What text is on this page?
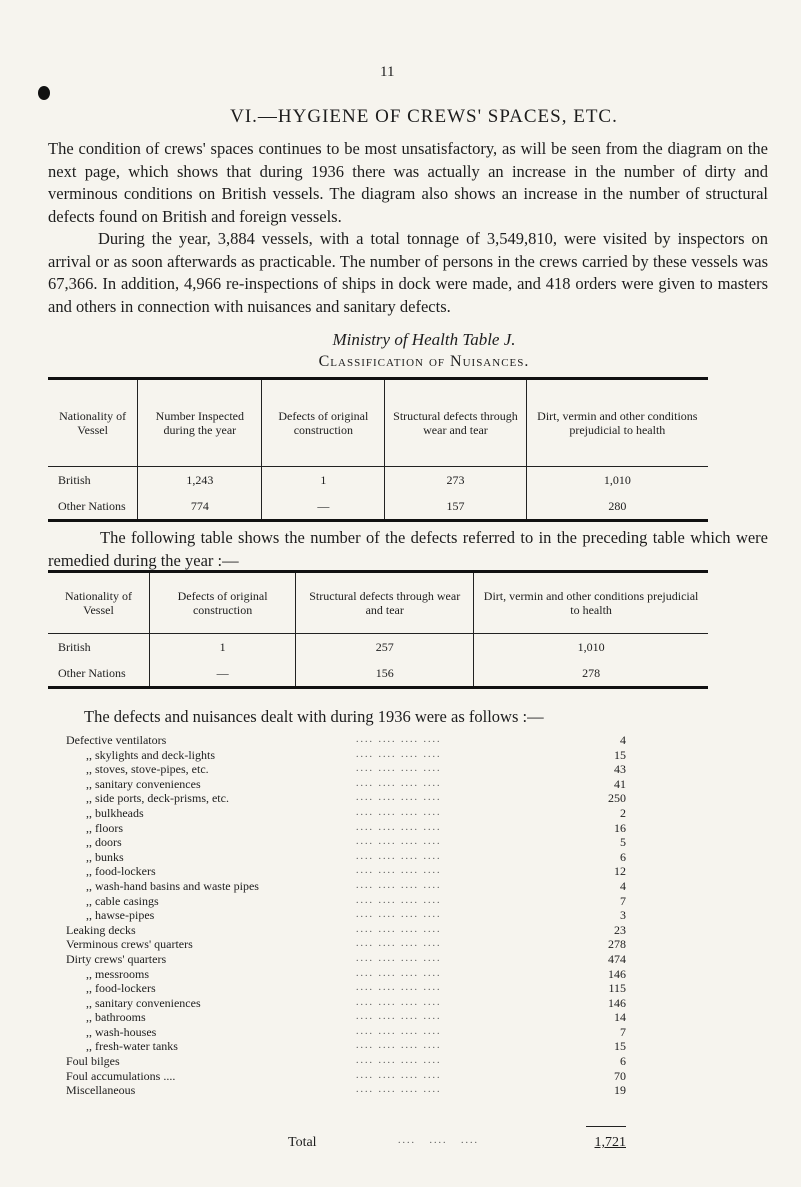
11
VI.—HYGIENE OF CREWS' SPACES, ETC.

The condition of crews' spaces continues to be most unsatisfactory, as will be seen from the diagram on the next page, which shows that during 1936 there was actually an increase in the number of dirty and verminous conditions on British vessels. The diagram also shows an increase in the number of structural defects found on British and foreign vessels.

During the year, 3,884 vessels, with a total tonnage of 3,549,810, were visited by inspectors on arrival or as soon afterwards as practicable. The number of persons in the crews carried by these vessels was 67,366. In addition, 4,966 re-inspections of ships in dock were made, and 418 orders were given to masters and others in connection with nuisances and sanitary defects.

Ministry of Health Table J.
Classification of Nuisances.
Nationality of Vessel	Number Inspected during the year	Defects of original construction	Structural defects through wear and tear	Dirt, vermin and other conditions prejudicial to health
British	1,243	1	273	1,010
Other Nations	774	—	157	280

The following table shows the number of the defects referred to in the preceding table which were remedied during the year :—

Nationality of Vessel	Defects of original construction	Structural defects through wear and tear	Dirt, vermin and other conditions prejudicial to health
British	1	257	1,010
Other Nations	—	156	278
The defects and nuisances dealt with during 1936 were as follows :—
Defective ventilators	.... .... .... ....	4
,, skylights and deck-lights	.... .... .... ....	15
,, stoves, stove-pipes, etc.	.... .... .... ....	43
,, sanitary conveniences	.... .... .... ....	41
,, side ports, deck-prisms, etc.	.... .... .... ....	250
,, bulkheads	.... .... .... ....	2
,, floors	.... .... .... ....	16
,, doors	.... .... .... ....	5
,, bunks	.... .... .... ....	6
,, food-lockers	.... .... .... ....	12
,, wash-hand basins and waste pipes	.... .... .... ....	4
,, cable casings	.... .... .... ....	7
,, hawse-pipes	.... .... .... ....	3
Leaking decks	.... .... .... ....	23
Verminous crews' quarters	.... .... .... ....	278
Dirty crews' quarters	.... .... .... ....	474
,, messrooms	.... .... .... ....	146
,, food-lockers	.... .... .... ....	115
,, sanitary conveniences	.... .... .... ....	146
,, bathrooms	.... .... .... ....	14
,, wash-houses	.... .... .... ....	7
,, fresh-water tanks	.... .... .... ....	15
Foul bilges	.... .... .... ....	6
Foul accumulations ....	.... .... .... ....	70
Miscellaneous	.... .... .... ....	19
Total	....   ....   ....	1,721
